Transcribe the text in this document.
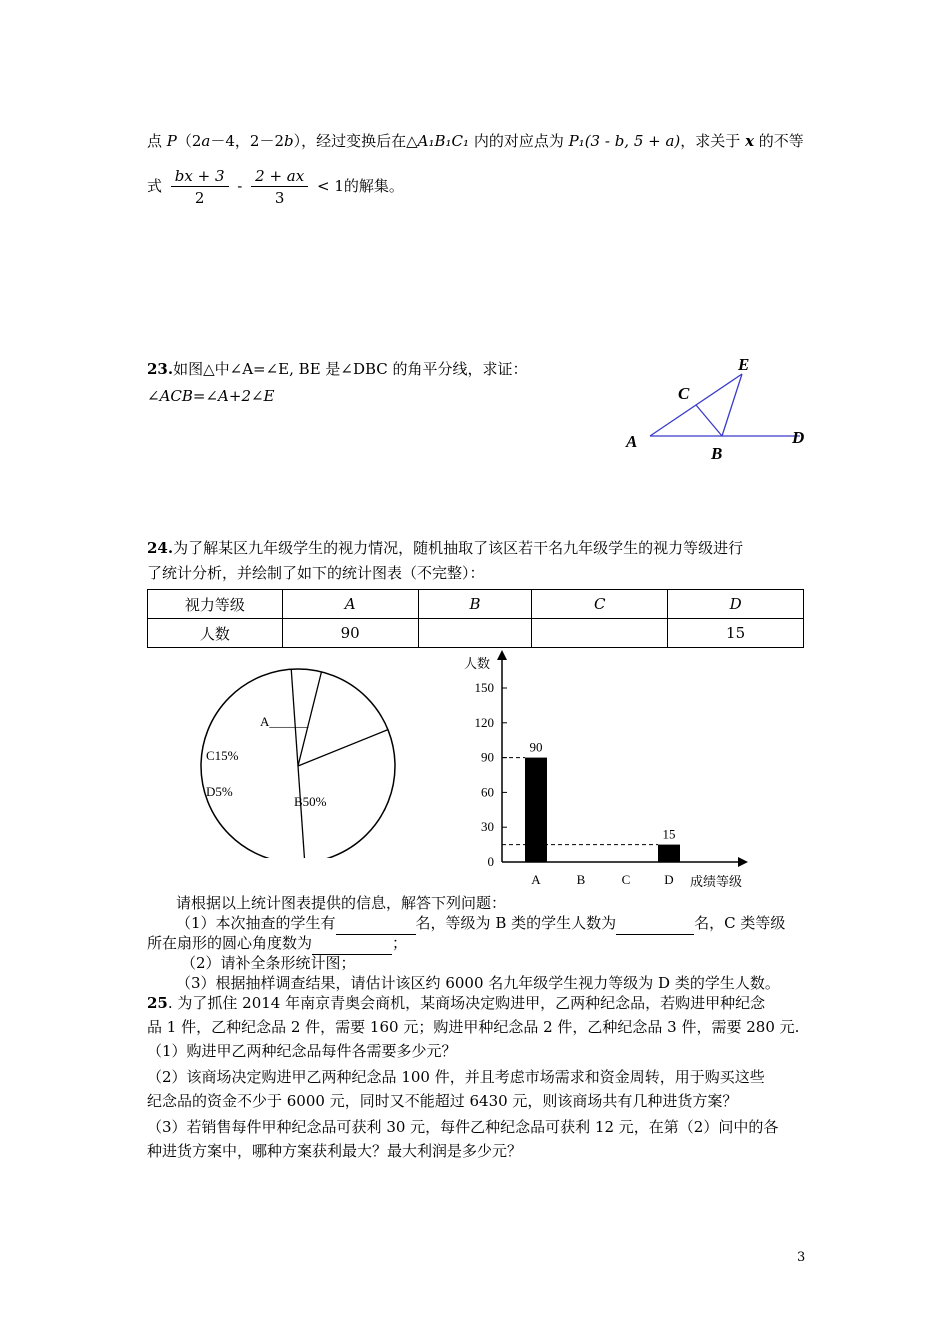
点 P（2a－4，2－2b），经过变换后在△A₁B₁C₁ 内的对应点为 P₁(3 - b, 5 + a)，求关于 x 的不等
式 $\frac{bx + 3}{2} - \frac{2 + ax}{3} < 1$的解集。
23.如图△中∠A=∠E, BE 是∠DBC 的角平分线，求证：
∠ACB=∠A+2∠E
E
C
A	D
B
24.为了解某区九年级学生的视力情况，随机抽取了该区若干名九年级学生的视力等级进行
了统计分析，并绘制了如下的统计图表（不完整）：
视力等级	A	B	C	D
人数	90			15
A______
B50%
C15%
D5%
人数
0
30
60
90
120
150
A
90
B	C	D
15
成绩等级
请根据以上统计图表提供的信息，解答下列问题：
（1）本次抽查的学生有	名，等级为 B 类的学生人数为	名，C 类等级
所在扇形的圆心角度数为	；
（2）请补全条形统计图；
（3）根据抽样调查结果，请估计该区约 6000 名九年级学生视力等级为 D 类的学生人数。
25. 为了抓住 2014 年南京青奥会商机，某商场决定购进甲，乙两种纪念品，若购进甲种纪念
品 1 件，乙种纪念品 2 件，需要 160 元；购进甲种纪念品 2 件，乙种纪念品 3 件，需要 280 元.
（1）购进甲乙两种纪念品每件各需要多少元？
（2）该商场决定购进甲乙两种纪念品 100 件，并且考虑市场需求和资金周转，用于购买这些
纪念品的资金不少于 6000 元，同时又不能超过 6430 元，则该商场共有几种进货方案？
（3）若销售每件甲种纪念品可获利 30 元，每件乙种纪念品可获利 12 元，在第（2）问中的各
种进货方案中，哪种方案获利最大？最大利润是多少元？
3
